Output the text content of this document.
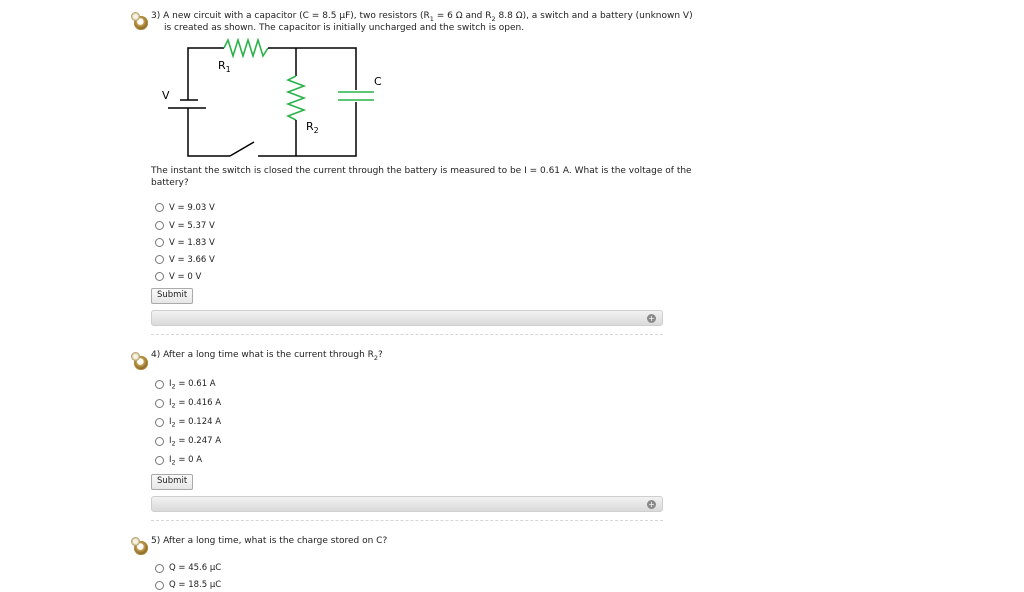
3) A new circuit with a capacitor (C = 8.5 μF), two resistors ($R_1 = 6$ Ω and $R_2$ 8.8 Ω), a switch and a battery (unknown V)
is created as shown. The capacitor is initially uncharged and the switch is open.
V
$R_1$
$R_2$
C
The instant the switch is closed the current through the battery is measured to be I = 0.61 A. What is the voltage of the
battery?
V = 9.03 V
V = 5.37 V
V = 1.83 V
V = 3.66 V
V = 0 V
Submit
+
4) After a long time what is the current through $R_2$?
$I_2 = 0.61$ A
$I_2 = 0.416$ A
$I_2 = 0.124$ A
$I_2 = 0.247$ A
$I_2 = 0$ A
Submit
+
5) After a long time, what is the charge stored on C?
Q = 45.6 μC
Q = 18.5 μC
